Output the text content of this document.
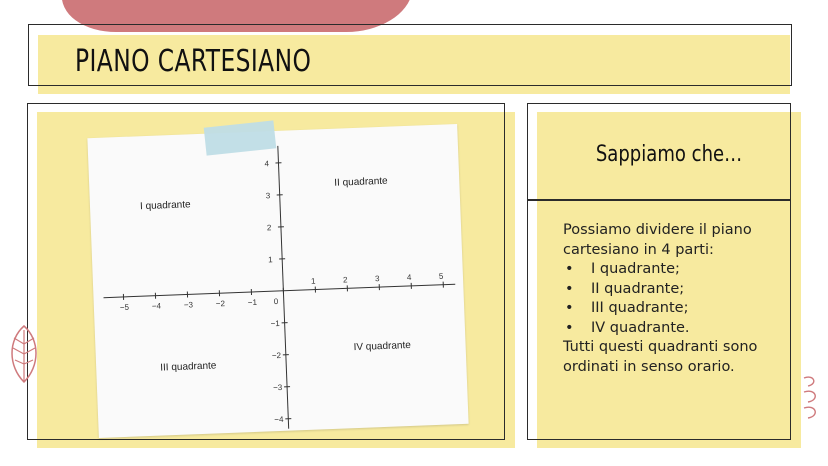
PIANO CARTESIANO
Sappiamo che…
Possiamo dividere il piano cartesiano in 4 parti:
• I quadrante;
• II quadrante;
• III quadrante;
• IV quadrante.
Tutti questi quadranti sono ordinati in senso orario.
−5	−4	−3	−2	−1 0
1	2	3	4	5
4
3
2
1
−1
−2
−3
−4
I quadrante
II quadrante
III quadrante
IV quadrante
